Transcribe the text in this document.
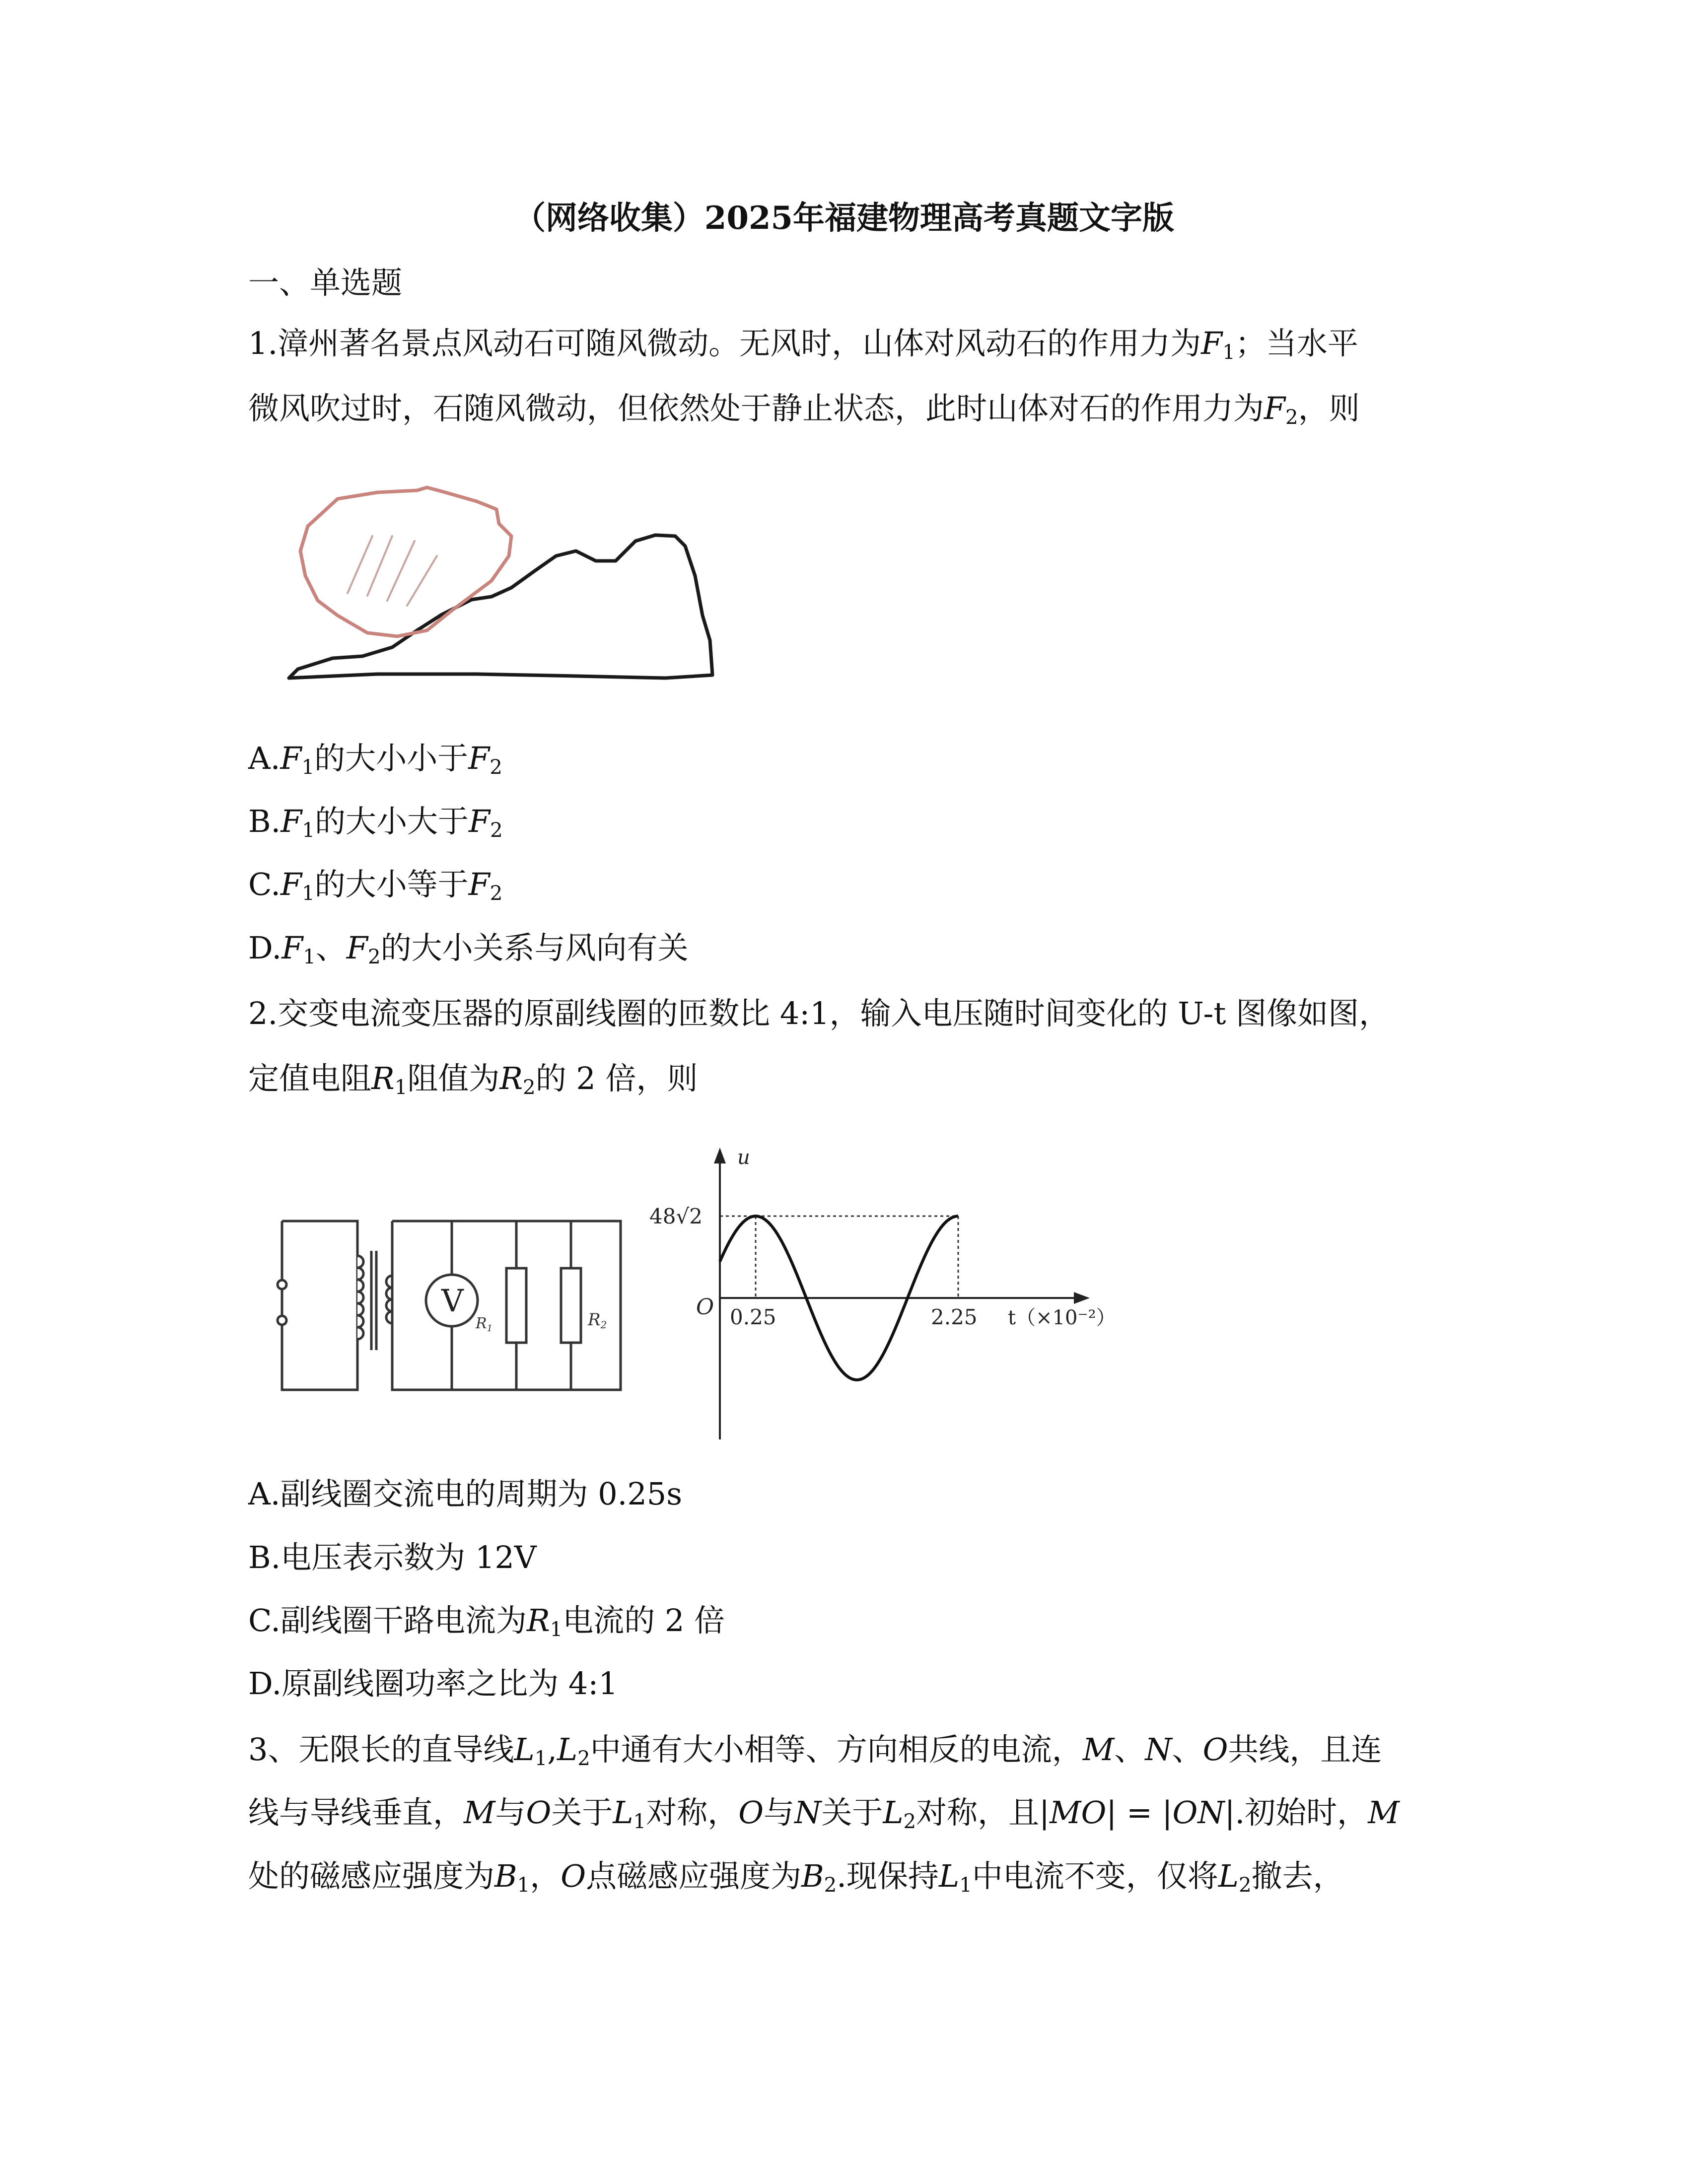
（网络收集）2025年福建物理高考真题文字版
一、单选题
1.漳州著名景点风动石可随风微动。无风时，山体对风动石的作用力为$F_1$；当水平
微风吹过时，石随风微动，但依然处于静止状态，此时山体对石的作用力为$F_2$，则
$A.F_1$的大小小于$F_2$
$B.F_1$的大小大于$F_2$
$C.F_1$的大小等于$F_2$
$D.F_1$、$F_2$的大小关系与风向有关
2.交变电流变压器的原副线圈的匝数比 4:1，输入电压随时间变化的 U-t 图像如图，
定值电阻$R_1$阻值为$R_2$的 2 倍，则
V
$R_1$	R2
u
48√2
O 0.25	2.25 t（×10⁻²）
A.副线圈交流电的周期为 0.25s
B.电压表示数为 12V
C.副线圈干路电流为$R_1$电流的 2 倍
D.原副线圈功率之比为 4:1
3、无限长的直导线$L_1,L_2$中通有大小相等、方向相反的电流，M、N、O共线，且连
线与导线垂直，M与O关于$L_1$对称，O与N关于$L_2$对称，且|MO| = |ON|.初始时，M
处的磁感应强度为$B_1$，O点磁感应强度为$B_2$.现保持$L_1$中电流不变，仅将$L_2$撤去，
